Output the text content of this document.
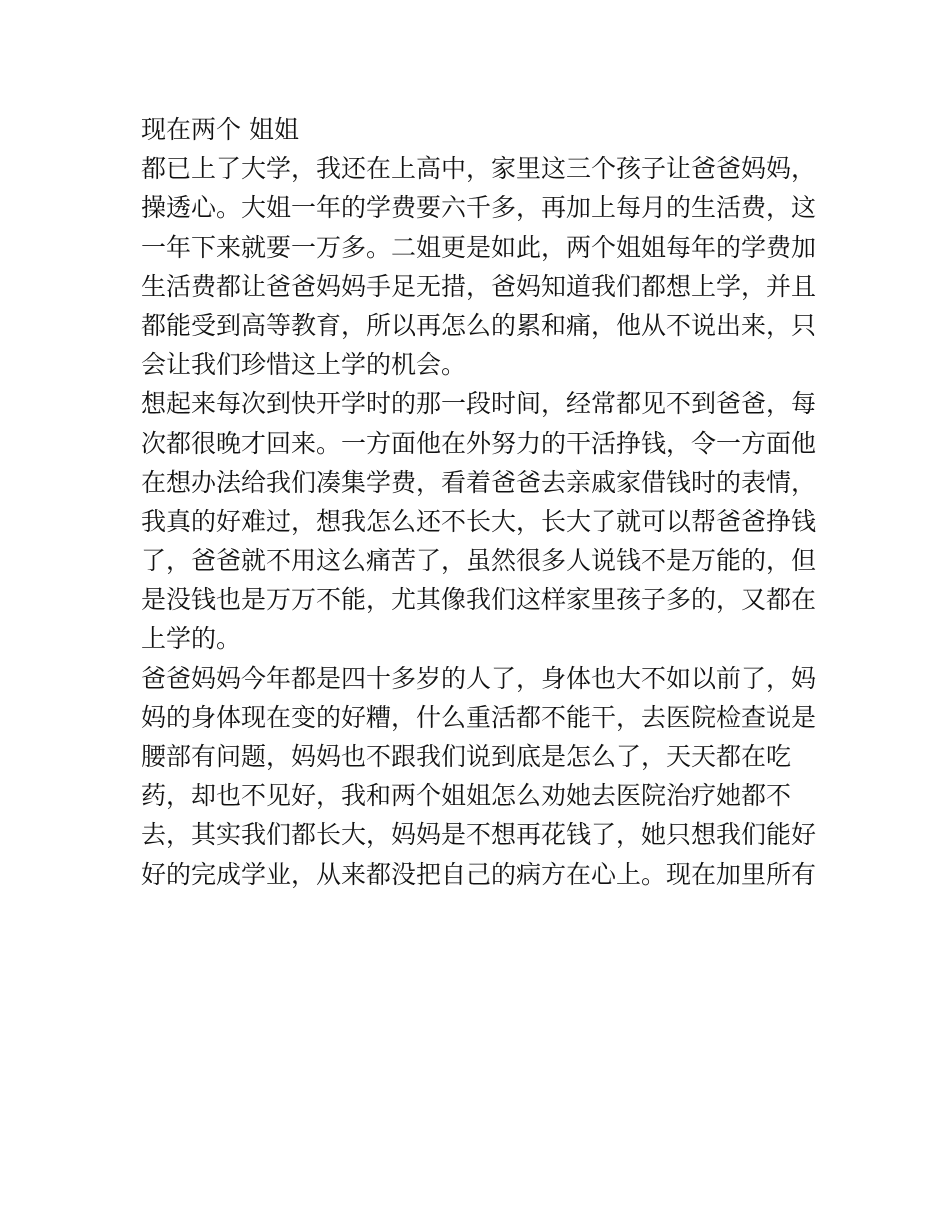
现在两个 姐姐
都已上了大学，我还在上高中，家里这三个孩子让爸爸妈妈，
操透心。大姐一年的学费要六千多，再加上每月的生活费，这
一年下来就要一万多。二姐更是如此，两个姐姐每年的学费加
生活费都让爸爸妈妈手足无措，爸妈知道我们都想上学，并且
都能受到高等教育，所以再怎么的累和痛，他从不说出来，只
会让我们珍惜这上学的机会。
想起来每次到快开学时的那一段时间，经常都见不到爸爸，每
次都很晚才回来。一方面他在外努力的干活挣钱，令一方面他
在想办法给我们凑集学费，看着爸爸去亲戚家借钱时的表情，
我真的好难过，想我怎么还不长大，长大了就可以帮爸爸挣钱
了，爸爸就不用这么痛苦了，虽然很多人说钱不是万能的，但
是没钱也是万万不能，尤其像我们这样家里孩子多的，又都在
上学的。
爸爸妈妈今年都是四十多岁的人了，身体也大不如以前了，妈
妈的身体现在变的好糟，什么重活都不能干，去医院检查说是
腰部有问题，妈妈也不跟我们说到底是怎么了，天天都在吃
药，却也不见好，我和两个姐姐怎么劝她去医院治疗她都不
去，其实我们都长大，妈妈是不想再花钱了，她只想我们能好
好的完成学业，从来都没把自己的病方在心上。现在加里所有
